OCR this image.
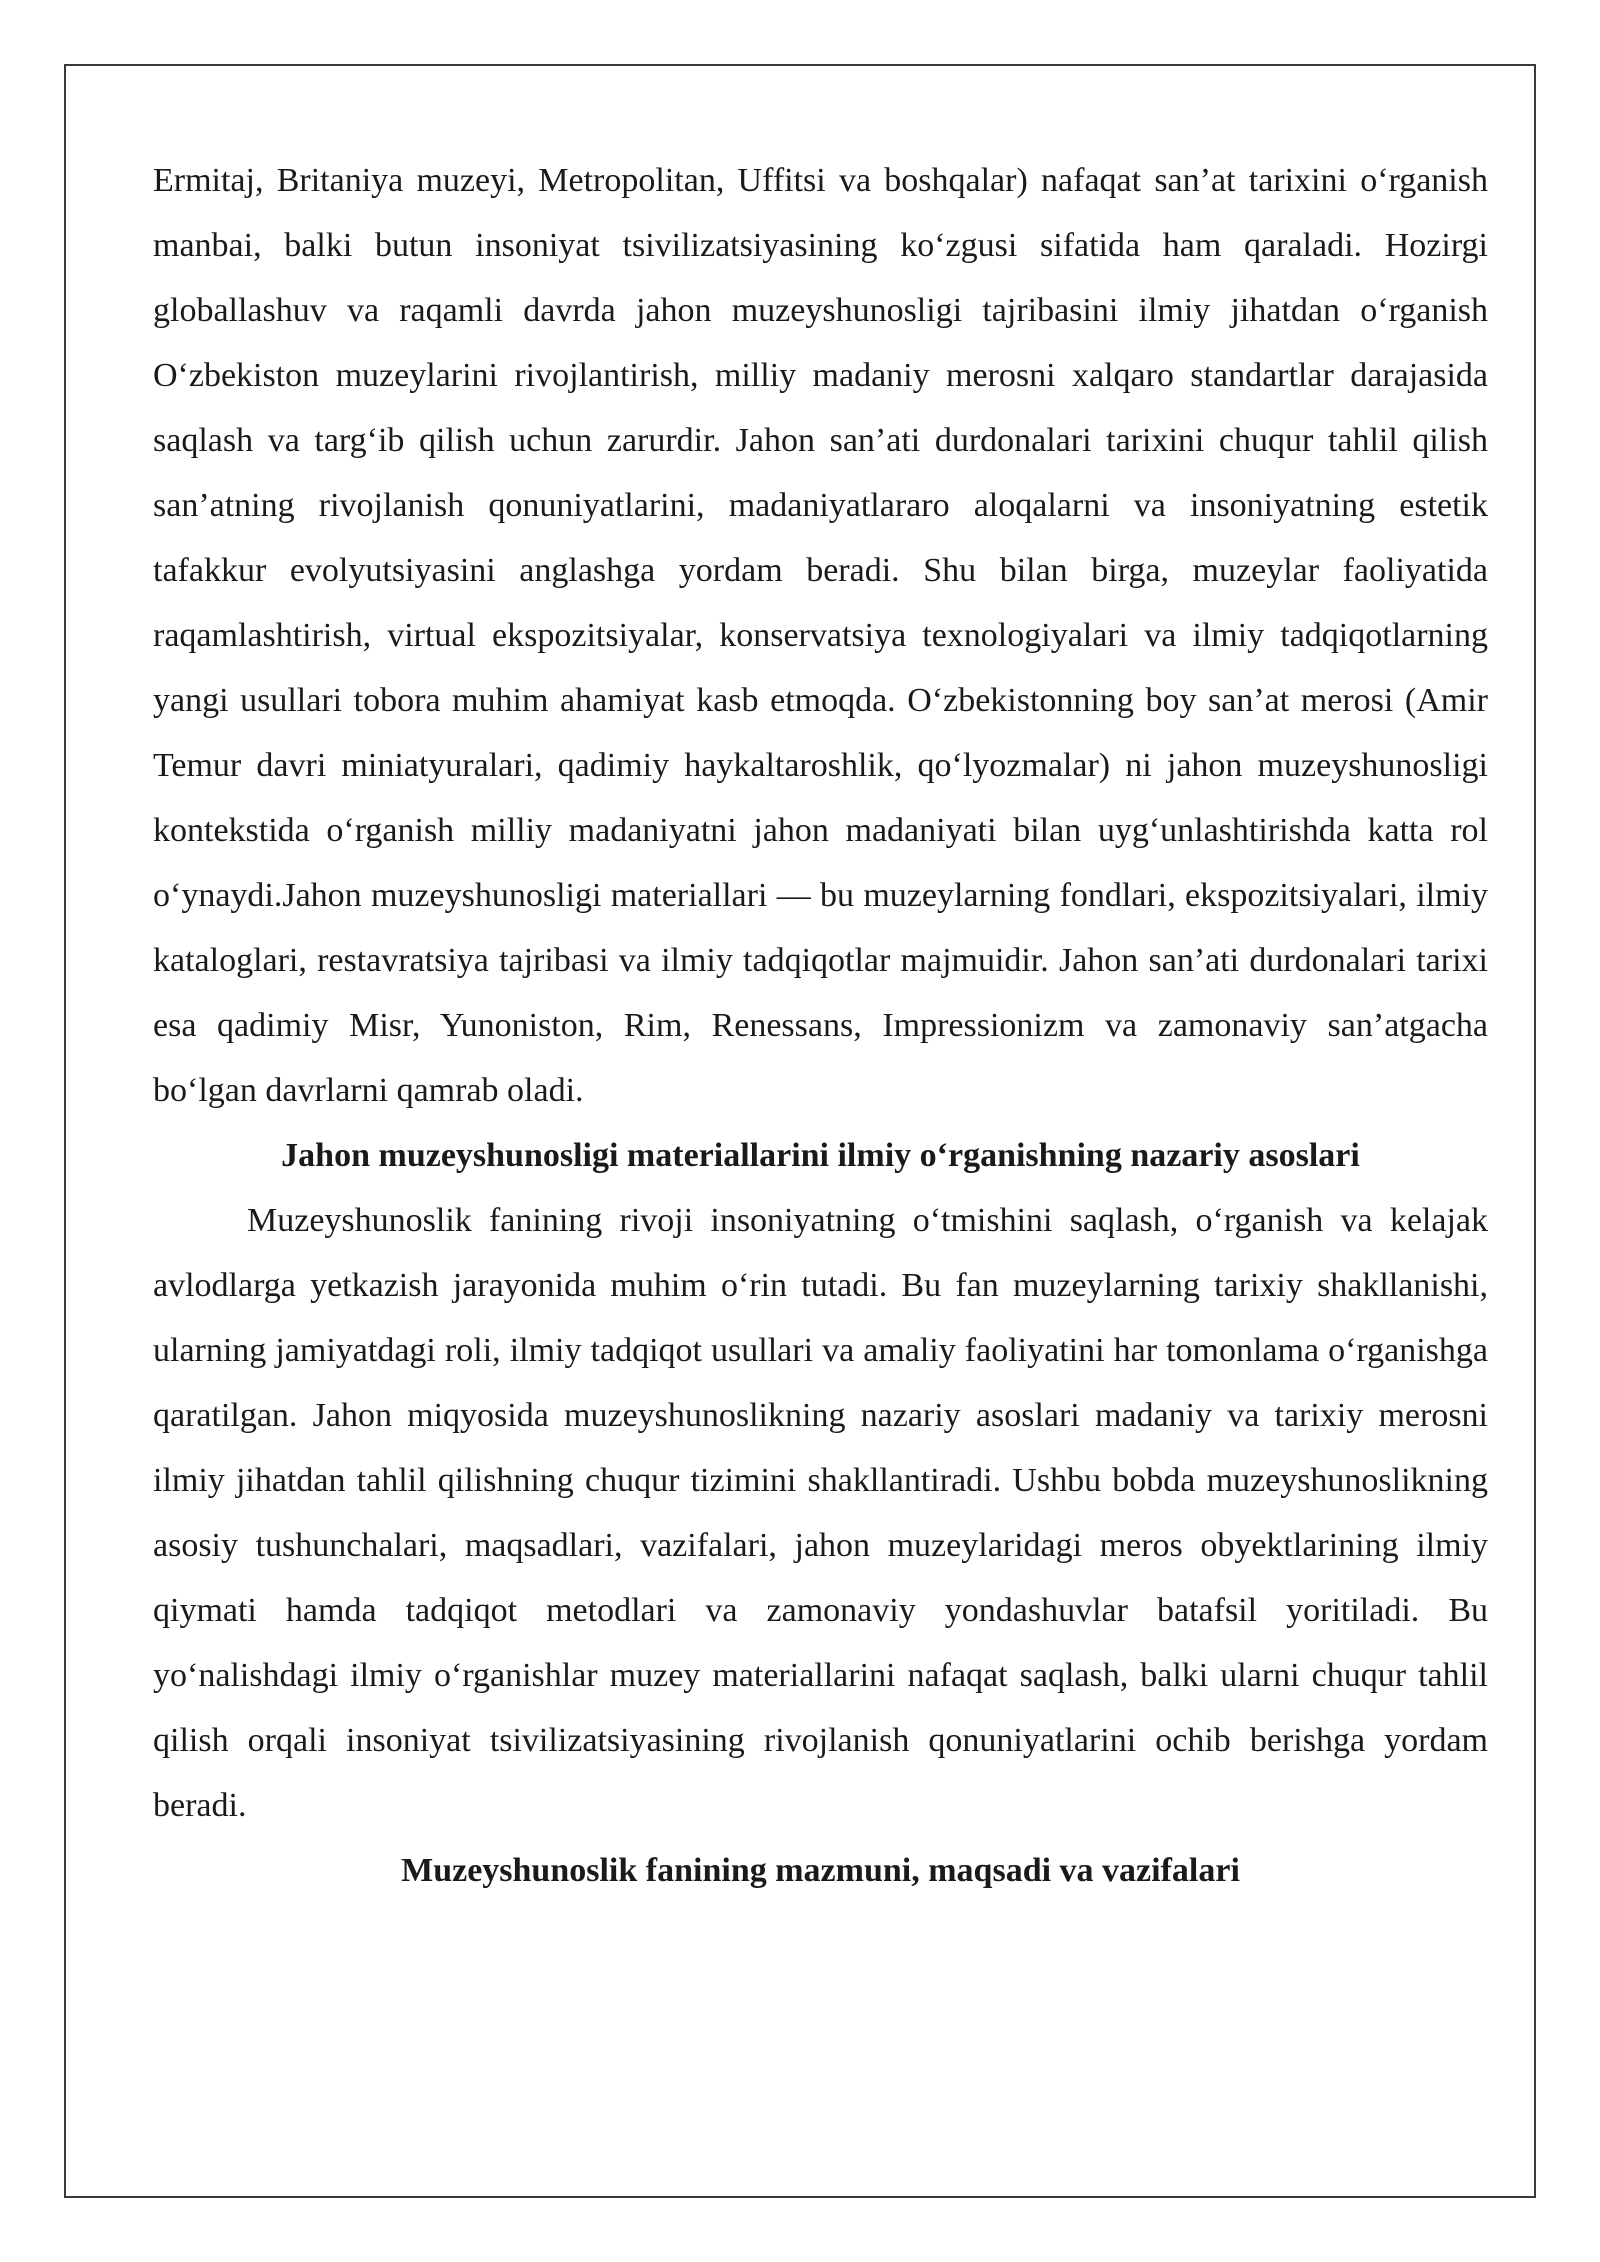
Ermitaj, Britaniya muzeyi, Metropolitan, Uffitsi va boshqalar) nafaqat san’at tarixini o‘rganish manbai, balki butun insoniyat tsivilizatsiyasining ko‘zgusi sifatida ham qaraladi. Hozirgi globallashuv va raqamli davrda jahon muzeyshunosligi tajribasini ilmiy jihatdan o‘rganish O‘zbekiston muzeylarini rivojlantirish, milliy madaniy merosni xalqaro standartlar darajasida saqlash va targ‘ib qilish uchun zarurdir. Jahon san’ati durdonalari tarixini chuqur tahlil qilish san’atning rivojlanish qonuniyatlarini, madaniyatlararo aloqalarni va insoniyatning estetik tafakkur evolyutsiyasini anglashga yordam beradi. Shu bilan birga, muzeylar faoliyatida raqamlashtirish, virtual ekspozitsiyalar, konservatsiya texnologiyalari va ilmiy tadqiqotlarning yangi usullari tobora muhim ahamiyat kasb etmoqda. O‘zbekistonning boy san’at merosi (Amir Temur davri miniatyuralari, qadimiy haykaltaroshlik, qo‘lyozmalar) ni jahon muzeyshunosligi kontekstida o‘rganish milliy madaniyatni jahon madaniyati bilan uyg‘unlashtirishda katta rol o‘ynaydi.Jahon muzeyshunosligi materiallari — bu muzeylarning fondlari, ekspozitsiyalari, ilmiy kataloglari, restavratsiya tajribasi va ilmiy tadqiqotlar majmuidir. Jahon san’ati durdonalari tarixi esa qadimiy Misr, Yunoniston, Rim, Renessans, Impressionizm va zamonaviy san’atgacha bo‘lgan davrlarni qamrab oladi.

Jahon muzeyshunosligi materiallarini ilmiy o‘rganishning nazariy asoslari

Muzeyshunoslik fanining rivoji insoniyatning o‘tmishini saqlash, o‘rganish va kelajak avlodlarga yetkazish jarayonida muhim o‘rin tutadi. Bu fan muzeylarning tarixiy shakllanishi, ularning jamiyatdagi roli, ilmiy tadqiqot usullari va amaliy faoliyatini har tomonlama o‘rganishga qaratilgan. Jahon miqyosida muzeyshunoslikning nazariy asoslari madaniy va tarixiy merosni ilmiy jihatdan tahlil qilishning chuqur tizimini shakllantiradi. Ushbu bobda muzeyshunoslikning asosiy tushunchalari, maqsadlari, vazifalari, jahon muzeylaridagi meros obyektlarining ilmiy qiymati hamda tadqiqot metodlari va zamonaviy yondashuvlar batafsil yoritiladi. Bu yo‘nalishdagi ilmiy o‘rganishlar muzey materiallarini nafaqat saqlash, balki ularni chuqur tahlil qilish orqali insoniyat tsivilizatsiyasining rivojlanish qonuniyatlarini ochib berishga yordam beradi.

Muzeyshunoslik fanining mazmuni, maqsadi va vazifalari
